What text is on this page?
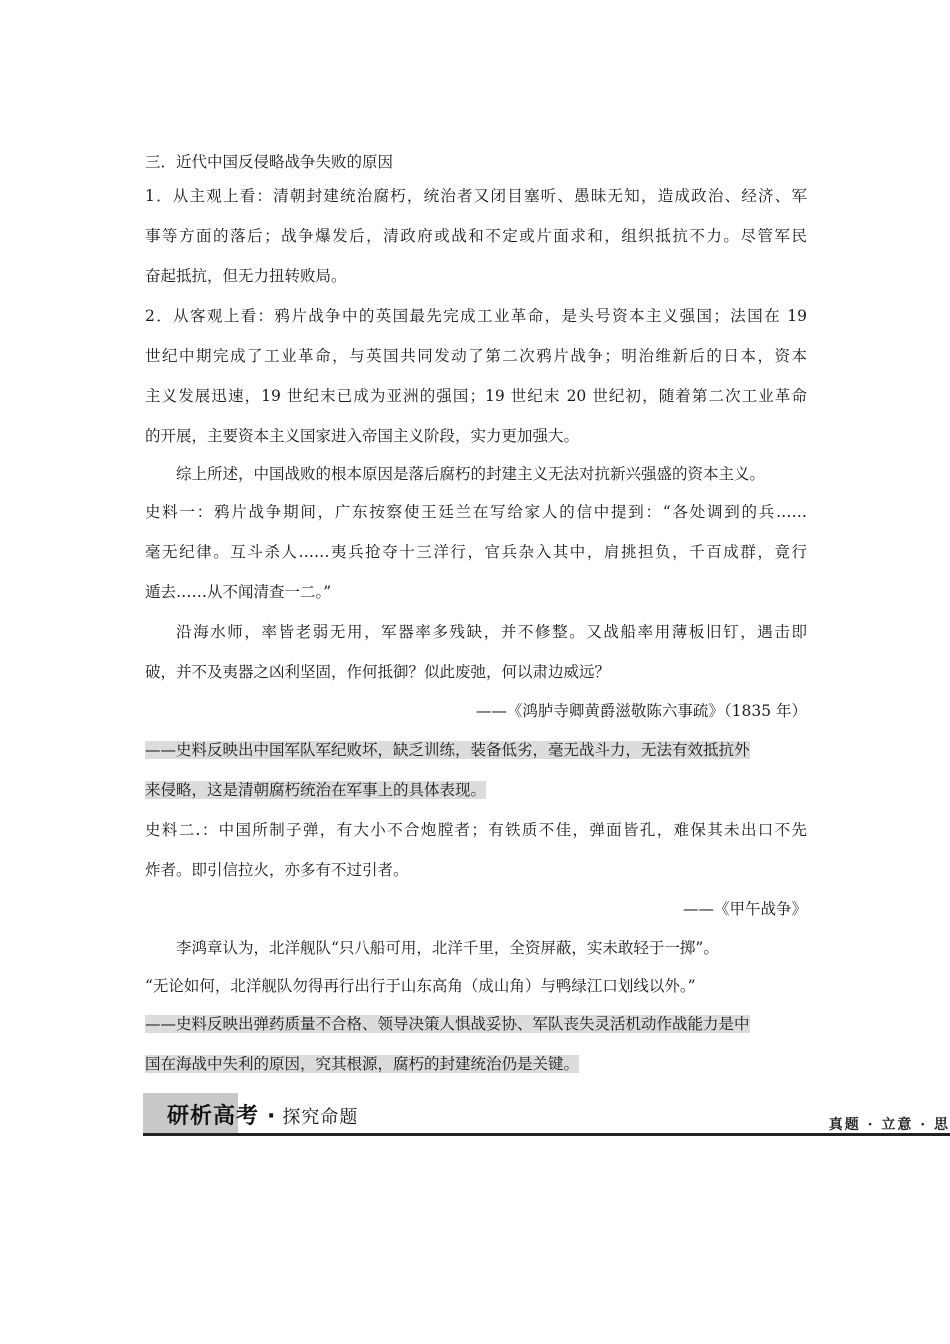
三．近代中国反侵略战争失败的原因
1．从主观上看：清朝封建统治腐朽，统治者又闭目塞听、愚昧无知，造成政治、经济、军
事等方面的落后；战争爆发后，清政府或战和不定或片面求和，组织抵抗不力。尽管军民
奋起抵抗，但无力扭转败局。
2．从客观上看：鸦片战争中的英国最先完成工业革命，是头号资本主义强国；法国在 19
世纪中期完成了工业革命，与英国共同发动了第二次鸦片战争；明治维新后的日本，资本
主义发展迅速，19 世纪末已成为亚洲的强国；19 世纪末 20 世纪初，随着第二次工业革命
的开展，主要资本主义国家进入帝国主义阶段，实力更加强大。
综上所述，中国战败的根本原因是落后腐朽的封建主义无法对抗新兴强盛的资本主义。
史料一：鸦片战争期间，广东按察使王廷兰在写给家人的信中提到：“各处调到的兵……
毫无纪律。互斗杀人……夷兵抢夺十三洋行，官兵杂入其中，肩挑担负，千百成群，竟行
遁去……从不闻清查一二。”
沿海水师，率皆老弱无用，军器率多残缺，并不修整。又战船率用薄板旧钉，遇击即
破，并不及夷器之凶利坚固，作何抵御？似此废弛，何以肃边威远？
——《鸿胪寺卿黄爵滋敬陈六事疏》（1835 年）
——史料反映出中国军队军纪败坏，缺乏训练，装备低劣，毫无战斗力，无法有效抵抗外
来侵略，这是清朝腐朽统治在军事上的具体表现。
史料二.：中国所制子弹，有大小不合炮膛者；有铁质不佳，弹面皆孔，难保其未出口不先
炸者。即引信拉火，亦多有不过引者。
——《甲午战争》
李鸿章认为，北洋舰队“只八船可用，北洋千里，全资屏蔽，实未敢轻于一掷”。
“无论如何，北洋舰队勿得再行出行于山东高角（成山角）与鸭绿江口划线以外。”
——史料反映出弹药质量不合格、领导决策人惧战妥协、军队丧失灵活机动作战能力是中
国在海战中失利的原因，究其根源，腐朽的封建统治仍是关键。
研析高考 · 探究命题	真题 · 立意 · 思
